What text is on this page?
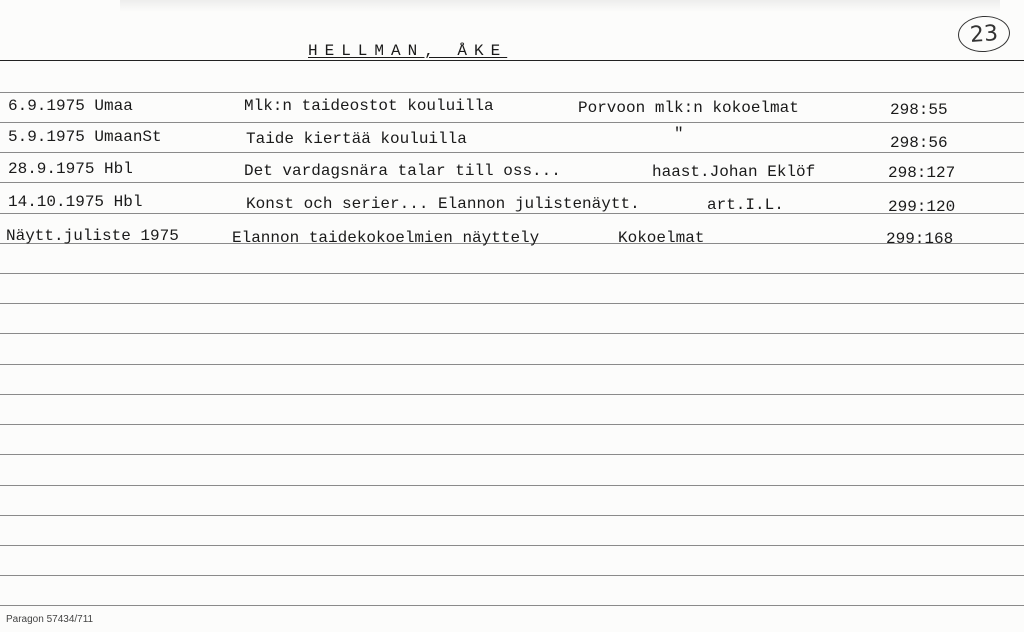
HELLMAN, ÅKE
23
6.9.1975 Umaa	Mlk:n taideostot kouluilla	Porvoon mlk:n kokoelmat	298:55
5.9.1975 UmaanSt	Taide kiertää kouluilla	"	298:56
28.9.1975 Hbl	Det vardagsnära talar till oss...	haast.Johan Eklöf	298:127
14.10.1975 Hbl	Konst och serier... Elannon julistenäytt.	art.I.L.	299:120
Näytt.juliste 1975	Elannon taidekokoelmien näyttely	Kokoelmat	299:168
Paragon 57434/711
